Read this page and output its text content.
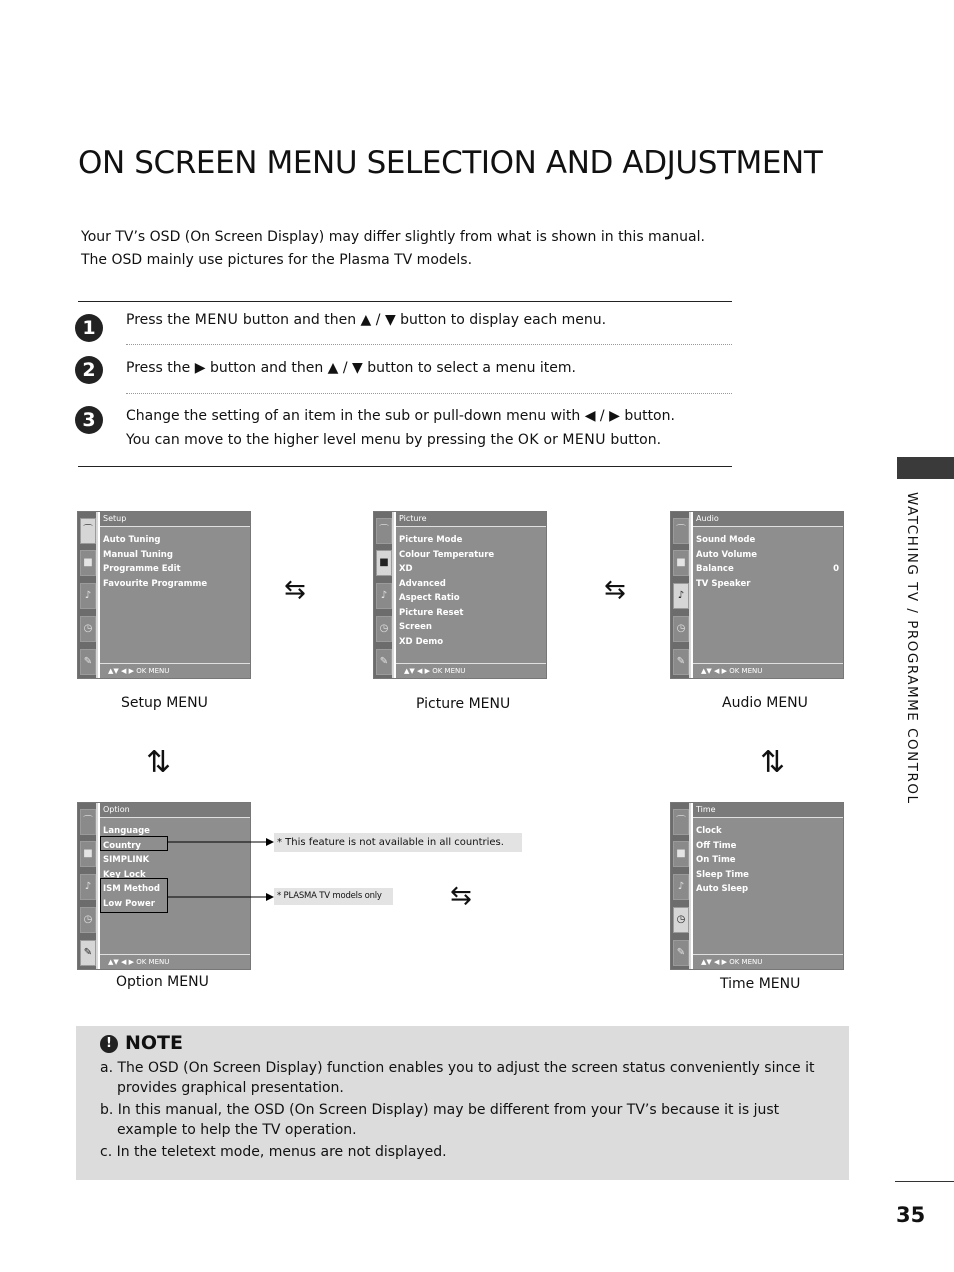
ON SCREEN MENU SELECTION AND ADJUSTMENT
Your TV’s OSD (On Screen Display) may differ slightly from what is shown in this manual.
The OSD mainly use pictures for the Plasma TV models.
1	Press the MENU button and then ▲ / ▼ button to display each menu.
2	Press the ▶ button and then ▲ / ▼ button to select a menu item.
3	Change the setting of an item in the sub or pull-down menu with ◀ / ▶ button.
You can move to the higher level menu by pressing the OK or MENU button.
WATCHING TV / PROGRAMME CONTROL
⌒
■
♪
◷
✎
Setup
Auto Tuning
Manual Tuning
Programme Edit
Favourite Programme
▲▼ ◀ ▶ OK MENU
Setup MENU
⌒
■
♪
◷
✎
Picture
Picture Mode
Colour Temperature
XD
Advanced
Aspect Ratio
Picture Reset
Screen
XD Demo
▲▼ ◀ ▶ OK MENU
Picture MENU
⌒
■
♪
◷
✎
Audio
Sound Mode
Auto Volume
Balance	0
TV Speaker
▲▼ ◀ ▶ OK MENU
Audio MENU
⌒
■
♪
◷
✎
Option
Language
Country
SIMPLINK
Key Lock
ISM Method
Low Power
▲▼ ◀ ▶ OK MENU
Option MENU
⌒
■
♪
◷
✎
Time
Clock
Off Time
On Time
Sleep Time
Auto Sleep
▲▼ ◀ ▶ OK MENU
Time MENU
⇆	⇆
⇆
⇅	⇅
* This feature is not available in all countries.
* PLASMA TV models only
! NOTE
a. The OSD (On Screen Display) function enables you to adjust the screen status conveniently since it provides graphical presentation.
b. In this manual, the OSD (On Screen Display) may be different from your TV’s because it is just example to help the TV operation.
c. In the teletext mode, menus are not displayed.
35
